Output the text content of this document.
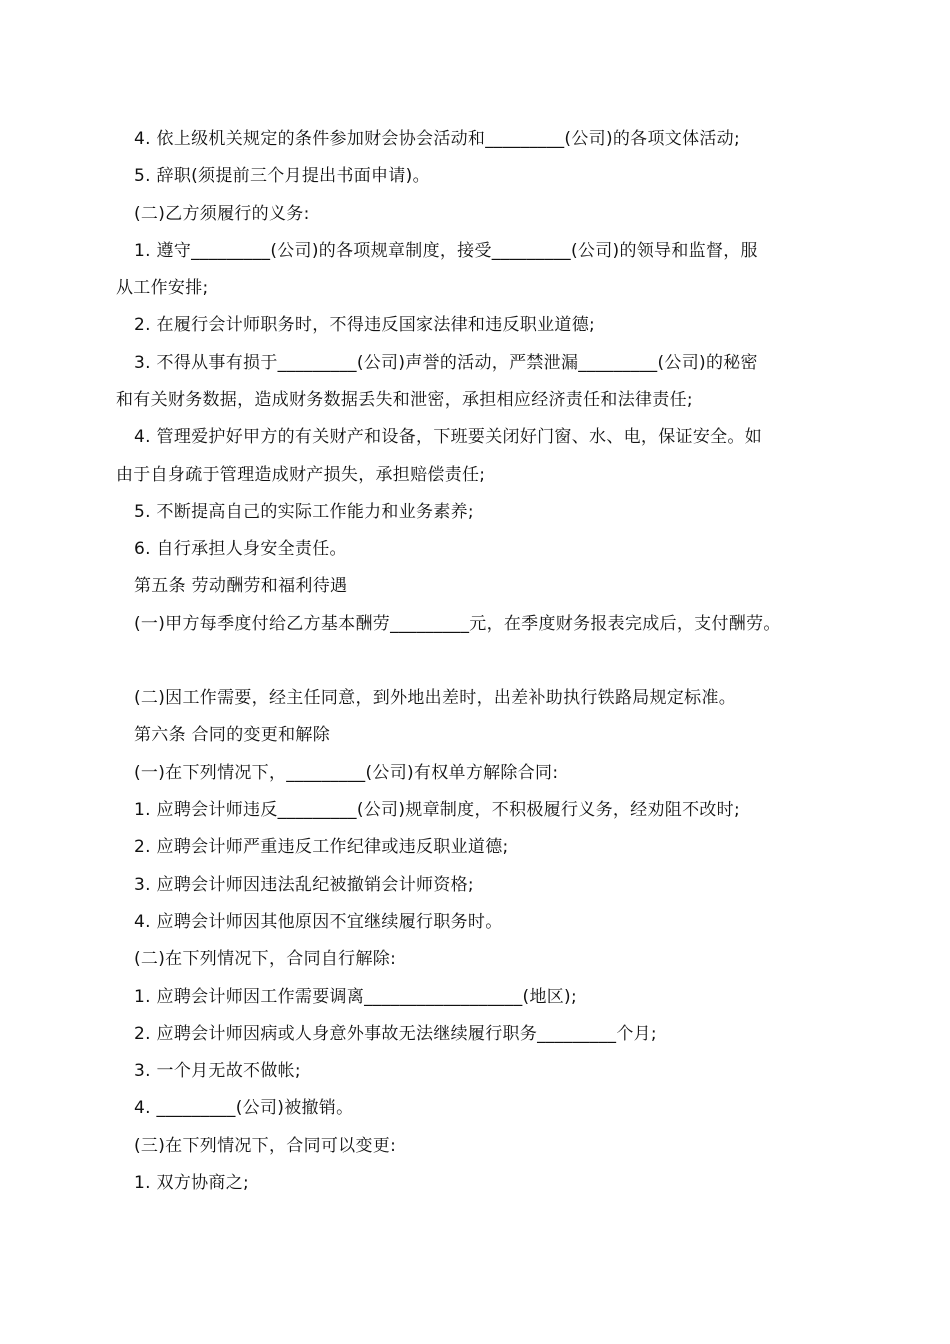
4. 依上级机关规定的条件参加财会协会活动和_________(公司)的各项文体活动;
5. 辞职(须提前三个月提出书面申请)。
(二)乙方须履行的义务:
1. 遵守_________(公司)的各项规章制度，接受_________(公司)的领导和监督，服
从工作安排;
2. 在履行会计师职务时，不得违反国家法律和违反职业道德;
3. 不得从事有损于_________(公司)声誉的活动，严禁泄漏_________(公司)的秘密
和有关财务数据，造成财务数据丢失和泄密，承担相应经济责任和法律责任;
4. 管理爱护好甲方的有关财产和设备，下班要关闭好门窗、水、电，保证安全。如
由于自身疏于管理造成财产损失，承担赔偿责任;
5. 不断提高自己的实际工作能力和业务素养;
6. 自行承担人身安全责任。
第五条 劳动酬劳和福利待遇
(一)甲方每季度付给乙方基本酬劳_________元，在季度财务报表完成后，支付酬劳。
(二)因工作需要，经主任同意，到外地出差时，出差补助执行铁路局规定标准。
第六条 合同的变更和解除
(一)在下列情况下，_________(公司)有权单方解除合同:
1. 应聘会计师违反_________(公司)规章制度，不积极履行义务，经劝阻不改时;
2. 应聘会计师严重违反工作纪律或违反职业道德;
3. 应聘会计师因违法乱纪被撤销会计师资格;
4. 应聘会计师因其他原因不宜继续履行职务时。
(二)在下列情况下，合同自行解除:
1. 应聘会计师因工作需要调离__________________(地区);
2. 应聘会计师因病或人身意外事故无法继续履行职务_________个月;
3. 一个月无故不做帐;
4. _________(公司)被撤销。
(三)在下列情况下，合同可以变更:
1. 双方协商之;
